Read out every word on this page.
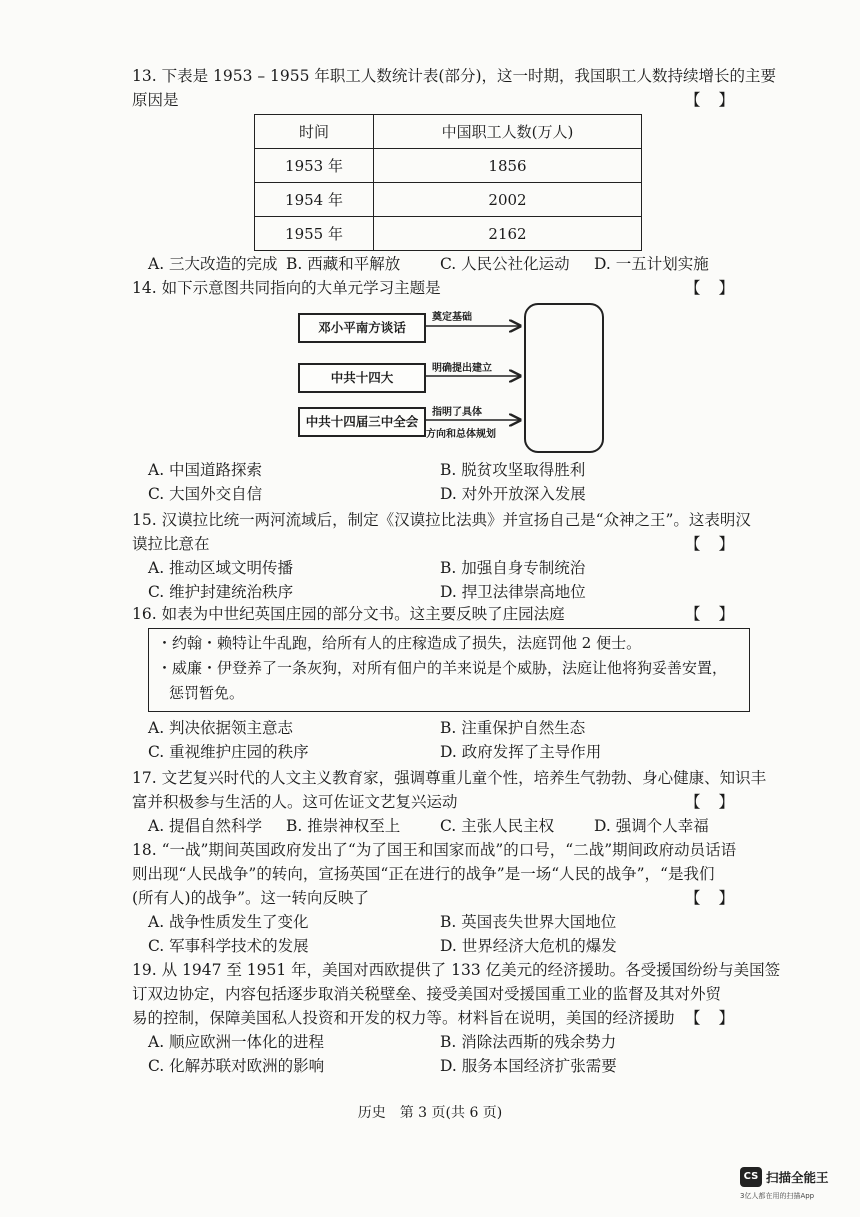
13. 下表是 1953 – 1955 年职工人数统计表(部分)，这一时期，我国职工人数持续增长的主要
原因是	【】
时间	中国职工人数(万人)
1953 年	1856
1954 年	2002
1955 年	2162
A. 三大改造的完成 B. 西藏和平解放	C. 人民公社化运动 D. 一五计划实施
14. 如下示意图共同指向的大单元学习主题是	【】
邓小平南方谈话
中共十四大
中共十四届三中全会
奠定基础
明确提出建立
指明了具体
方向和总体规划
A. 中国道路探索	B. 脱贫攻坚取得胜利
C. 大国外交自信	D. 对外开放深入发展
15. 汉谟拉比统一两河流域后，制定《汉谟拉比法典》并宣扬自己是“众神之王”。这表明汉
谟拉比意在	【】
A. 推动区域文明传播	B. 加强自身专制统治
C. 维护封建统治秩序	D. 捍卫法律崇高地位
16. 如表为中世纪英国庄园的部分文书。这主要反映了庄园法庭	【】
・约翰・赖特让牛乱跑，给所有人的庄稼造成了损失，法庭罚他 2 便士。
・威廉・伊登养了一条灰狗，对所有佃户的羊来说是个威胁，法庭让他将狗妥善安置，
惩罚暂免。
A. 判决依据领主意志	B. 注重保护自然生态
C. 重视维护庄园的秩序	D. 政府发挥了主导作用
17. 文艺复兴时代的人文主义教育家，强调尊重儿童个性，培养生气勃勃、身心健康、知识丰
富并积极参与生活的人。这可佐证文艺复兴运动	【】
A. 提倡自然科学 B. 推崇神权至上	C. 主张人民主权	D. 强调个人幸福
18. “一战”期间英国政府发出了“为了国王和国家而战”的口号，“二战”期间政府动员话语
则出现“人民战争”的转向，宣扬英国“正在进行的战争”是一场“人民的战争”，“是我们
(所有人)的战争”。这一转向反映了	【】
A. 战争性质发生了变化	B. 英国丧失世界大国地位
C. 军事科学技术的发展	D. 世界经济大危机的爆发
19. 从 1947 至 1951 年，美国对西欧提供了 133 亿美元的经济援助。各受援国纷纷与美国签
订双边协定，内容包括逐步取消关税壁垒、接受美国对受援国重工业的监督及其对外贸
易的控制，保障美国私人投资和开发的权力等。材料旨在说明，美国的经济援助 【】
A. 顺应欧洲一体化的进程	B. 消除法西斯的残余势力
C. 化解苏联对欧洲的影响	D. 服务本国经济扩张需要
历史　第 3 页(共 6 页)
CS 扫描全能王
3亿人都在用的扫描App
